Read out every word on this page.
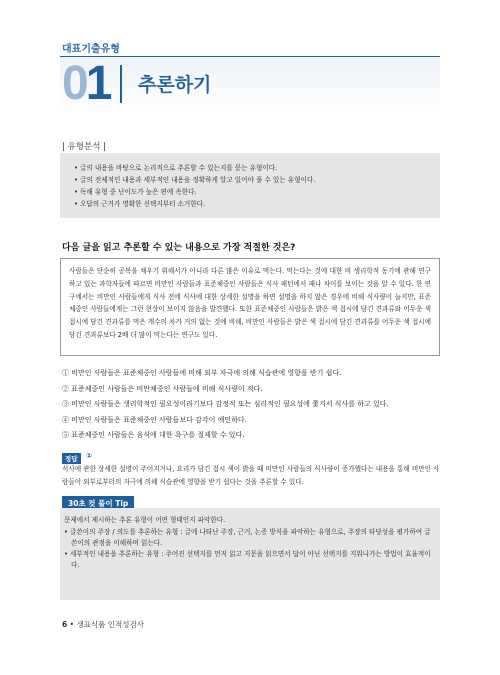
대표기출유형
01 추론하기
| 유형분석 |
• 글의 내용을 바탕으로 논리적으로 추론할 수 있는지를 묻는 유형이다.
• 글의 전체적인 내용과 세부적인 내용을 정확하게 알고 있어야 풀 수 있는 유형이다.
• 독해 유형 중 난이도가 높은 편에 속한다.
• 오답의 근거가 명확한 선택지부터 소거한다.
다음 글을 읽고 추론할 수 있는 내용으로 가장 적절한 것은?

사람들은 단순히 공복을 채우기 위해서가 아니라 다른 많은 이유로 먹는다. 먹는다는 것에 대한 비 생리학적 동기에 관해 연구하고 있는 과학자들에 따르면 비만인 사람들과 표준체중인 사람들은 식사 패턴에서 패나 차이를 보이는 것을 알 수 있다. 한 연구에서는 비만인 사람들에게 식사 전에 식사에 대한 상세한 설명을 하면 설명을 하지 않은 경우에 비해 식사량이 늘지만, 표준체중인 사람들에게는 그런 현상이 보이지 않음을 발견했다. 또한 표준체중인 사람들은 밝은 색 접시에 담긴 견과류와 어두운 색 접시에 담긴 견과류를 먹은 개수의 차가 거의 없는 것에 비해, 비만인 사람들은 밝은 색 접시에 담긴 견과류를 어두운 색 접시에 담긴 견과류보다 2배 더 많이 먹는다는 연구도 있다.

① 비만인 사람들은 표준체중인 사람들에 비해 외부 자극에 의해 식습관에 영향을 받기 쉽다.
② 표준체중인 사람들은 비만체중인 사람들에 비해 식사량이 적다.
③ 비만인 사람들은 생리학적인 필요성이라기보다 감정적 또는 심리적인 필요성에 쫓겨서 식사를 하고 있다.
④ 비만인 사람들은 표준체중인 사람들보다 감각이 예민하다.
⑤ 표준체중인 사람들은 음식에 대한 욕구를 절제할 수 있다.
정답	①

식사에 관한 상세한 설명이 주어지거나, 요리가 담긴 접시 색이 밝을 때 비만인 사람들의 식사량이 증가했다는 내용을 통해 비만인 사람들이 외부로부터의 자극에 의해 식습관에 영향을 받기 쉽다는 것을 추론할 수 있다.

30초 컷 풀이 Tip
문제에서 제시하는 추론 유형이 어떤 형태인지 파악한다.
• 글쓴이의 주장 / 의도를 추론하는 유형 : 글에 나타난 주장, 근거, 논증 방식을 파악하는 유형으로, 주장의 타당성을 평가하여 글쓴이의 관점을 이해하며 읽는다.
• 세부적인 내용을 추론하는 유형 : 주어진 선택지를 먼저 읽고 지문을 읽으면서 답이 아닌 선택지를 지워나가는 방법이 효율적이다.
6 • 생표식품 인적성검사
